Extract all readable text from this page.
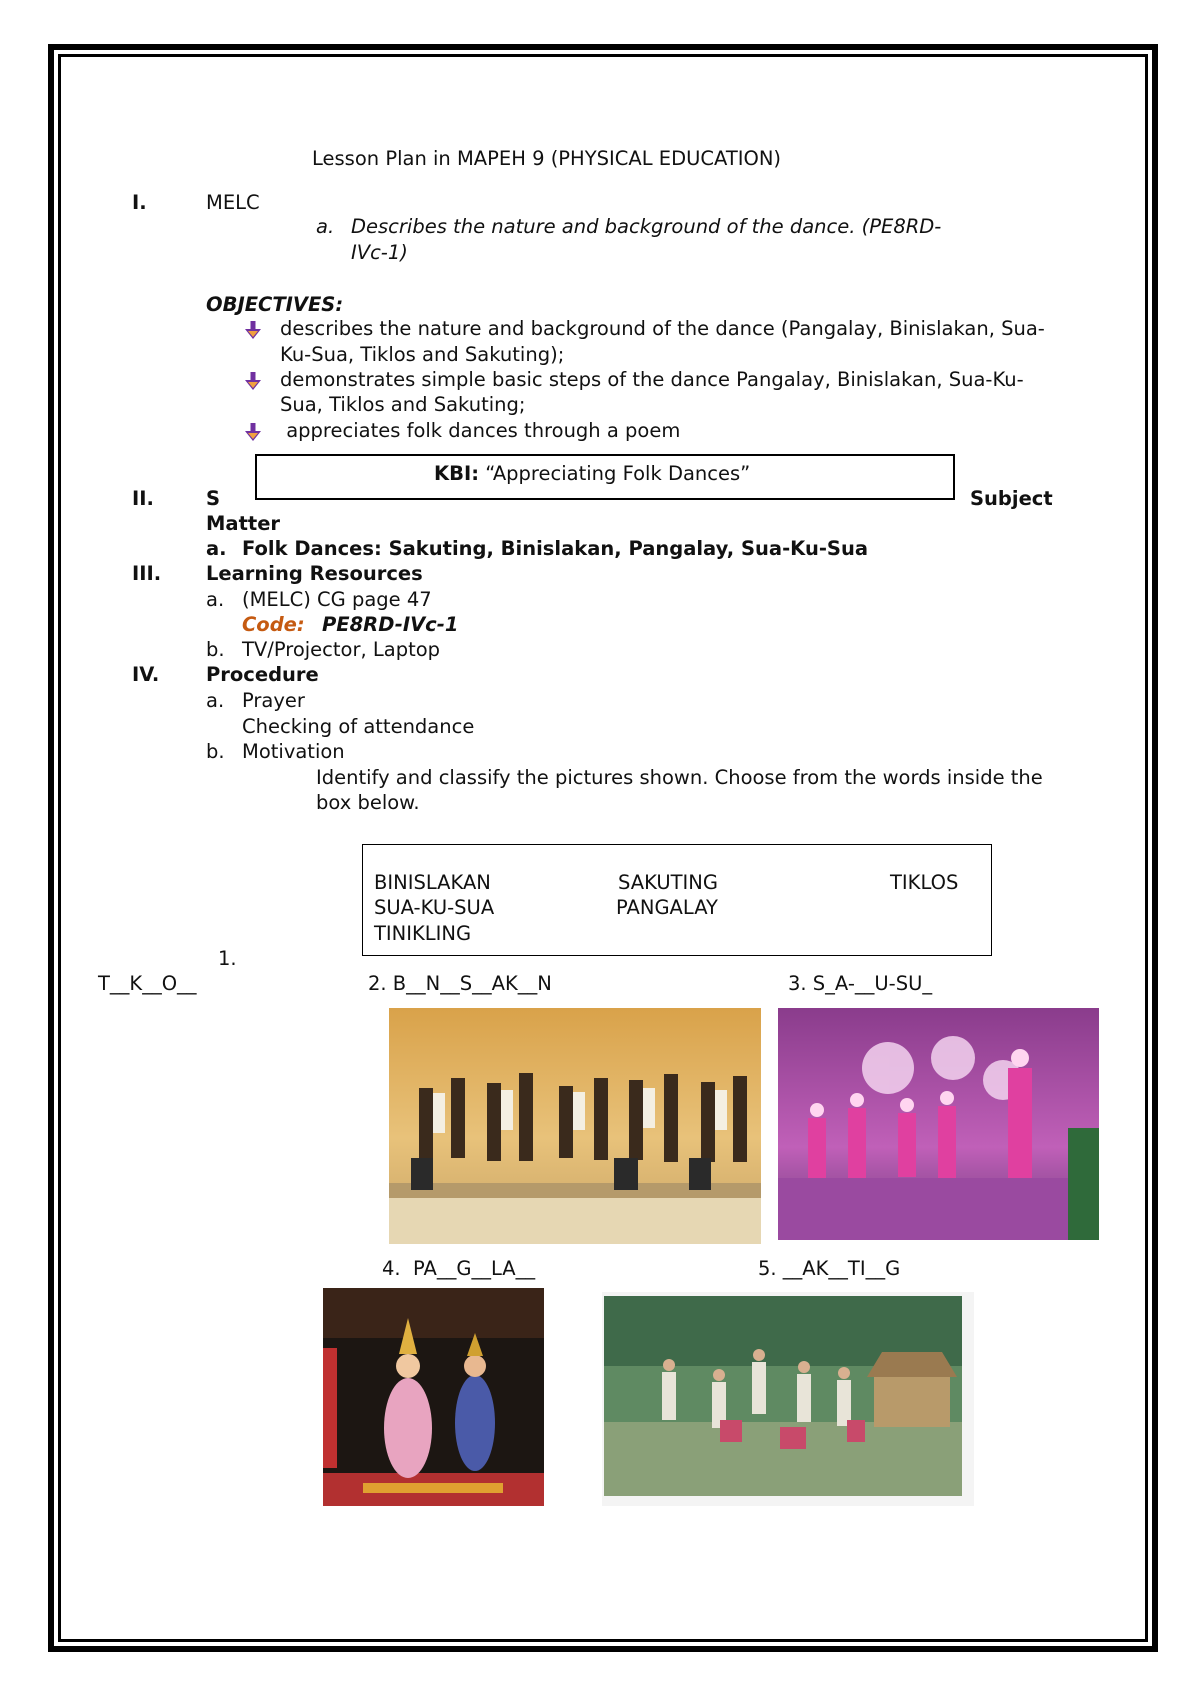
Lesson Plan in MAPEH 9 (PHYSICAL EDUCATION)
I.	MELC
a. Describes the nature and background of the dance. (PE8RD-
IVc-1)
OBJECTIVES:
describes the nature and background of the dance (Pangalay, Binislakan, Sua-
Ku-Sua, Tiklos and Sakuting);
demonstrates simple basic steps of the dance Pangalay, Binislakan, Sua-Ku-
Sua, Tiklos and Sakuting;
appreciates folk dances through a poem
KBI: “Appreciating Folk Dances”
II.	S	Subject
Matter
a. Folk Dances: Sakuting, Binislakan, Pangalay, Sua-Ku-Sua
III. Learning Resources
a. (MELC) CG page 47
Code: PE8RD-IVc-1
b. TV/Projector, Laptop
IV. Procedure
a. Prayer
Checking of attendance
b. Motivation
Identify and classify the pictures shown. Choose from the words inside the
box below.
BINISLAKAN	SAKUTING	TIKLOS
SUA-KU-SUA	PANGALAY
TINIKLING
1.
T__K__O__	2. B__N__S__AK__N	3. S_A-__U-SU_
4.  PA__G__LA__	5. __AK__TI__G
